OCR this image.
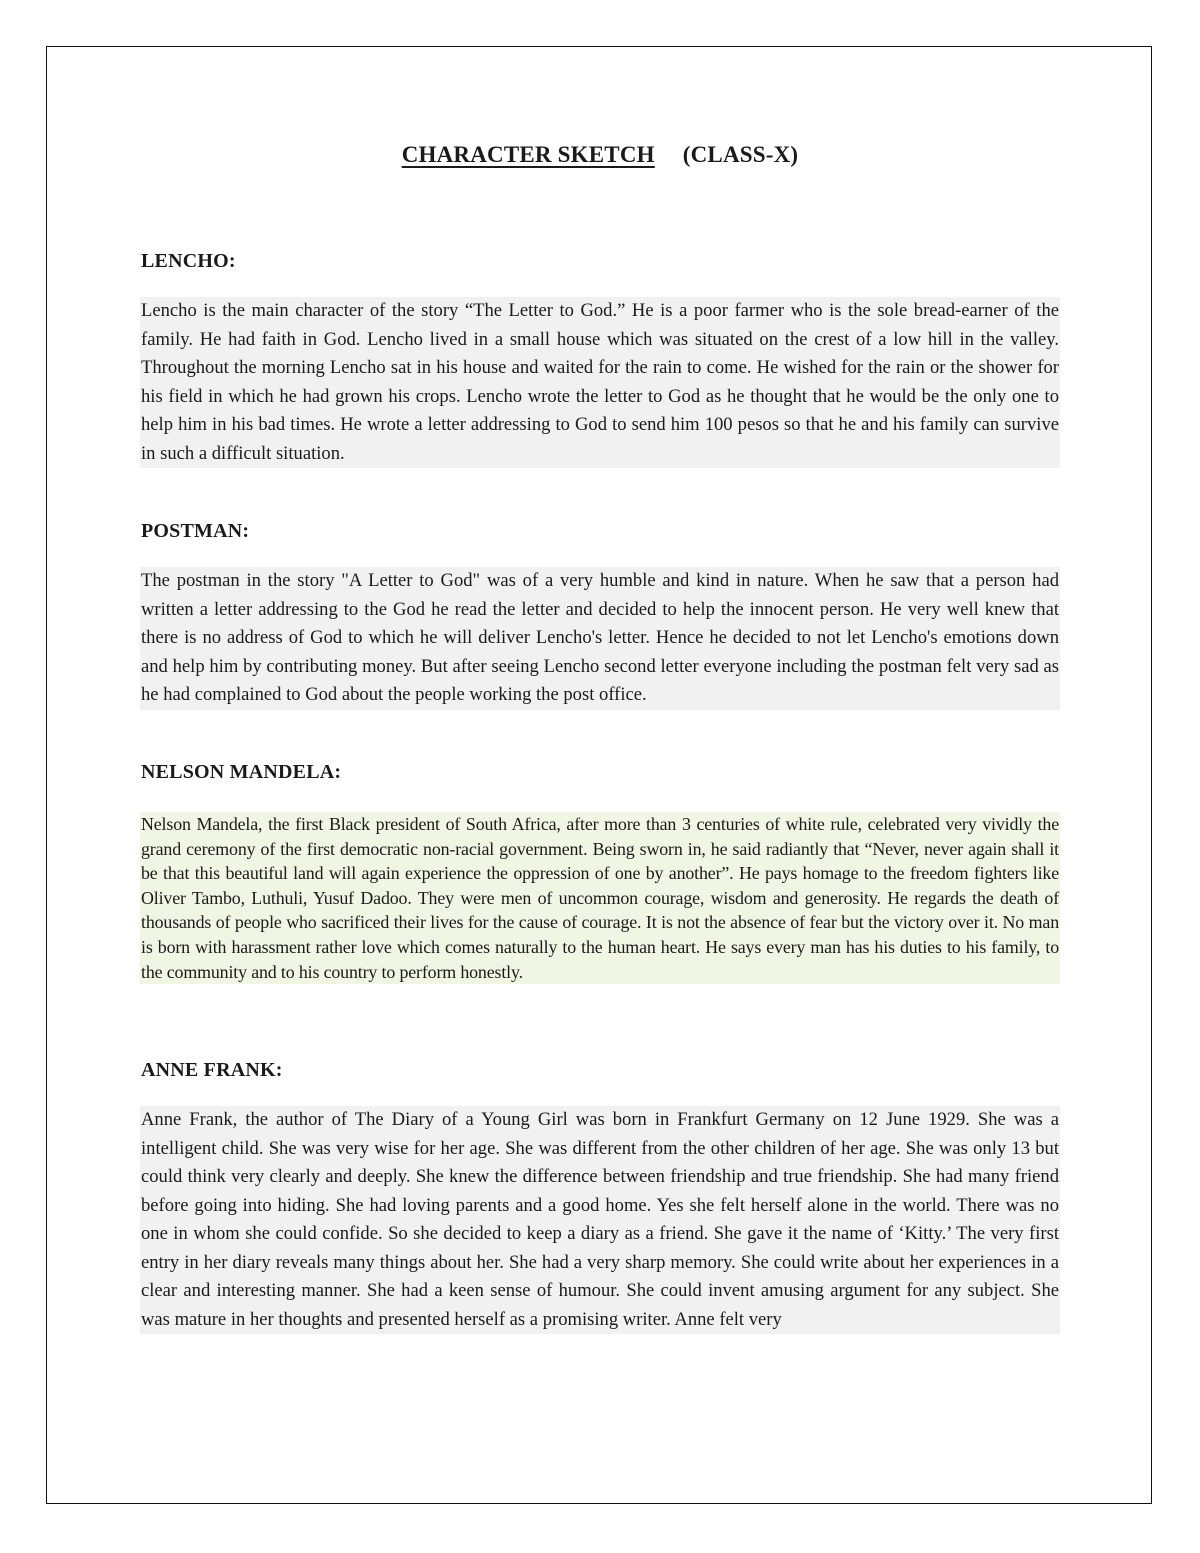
CHARACTER SKETCH (CLASS-X)
LENCHO:
Lencho is the main character of the story “The Letter to God.” He is a poor farmer who is the sole bread-earner of the family. He had faith in God. Lencho lived in a small house which was situated on the crest of a low hill in the valley. Throughout the morning Lencho sat in his house and waited for the rain to come. He wished for the rain or the shower for his field in which he had grown his crops. Lencho wrote the letter to God as he thought that he would be the only one to help him in his bad times. He wrote a letter addressing to God to send him 100 pesos so that he and his family can survive in such a difficult situation.
POSTMAN:
The postman in the story "A Letter to God" was of a very humble and kind in nature. When he saw that a person had written a letter addressing to the God he read the letter and decided to help the innocent person. He very well knew that there is no address of God to which he will deliver Lencho's letter. Hence he decided to not let Lencho's emotions down and help him by contributing money. But after seeing Lencho second letter everyone including the postman felt very sad as he had complained to God about the people working the post office.
NELSON MANDELA:
Nelson Mandela, the first Black president of South Africa, after more than 3 centuries of white rule, celebrated very vividly the grand ceremony of the first democratic non-racial government. Being sworn in, he said radiantly that “Never, never again shall it be that this beautiful land will again experience the oppression of one by another”. He pays homage to the freedom fighters like Oliver Tambo, Luthuli, Yusuf Dadoo. They were men of uncommon courage, wisdom and generosity. He regards the death of thousands of people who sacrificed their lives for the cause of courage. It is not the absence of fear but the victory over it. No man is born with harassment rather love which comes naturally to the human heart. He says every man has his duties to his family, to the community and to his country to perform honestly.
ANNE FRANK:
Anne Frank, the author of The Diary of a Young Girl was born in Frankfurt Germany on 12 June 1929. She was a intelligent child. She was very wise for her age. She was different from the other children of her age. She was only 13 but could think very clearly and deeply. She knew the difference between friendship and true friendship. She had many friend before going into hiding. She had loving parents and a good home. Yes she felt herself alone in the world. There was no one in whom she could confide. So she decided to keep a diary as a friend. She gave it the name of ‘Kitty.’ The very first entry in her diary reveals many things about her. She had a very sharp memory. She could write about her experiences in a clear and interesting manner. She had a keen sense of humour. She could invent amusing argument for any subject. She was mature in her thoughts and presented herself as a promising writer. Anne felt very
